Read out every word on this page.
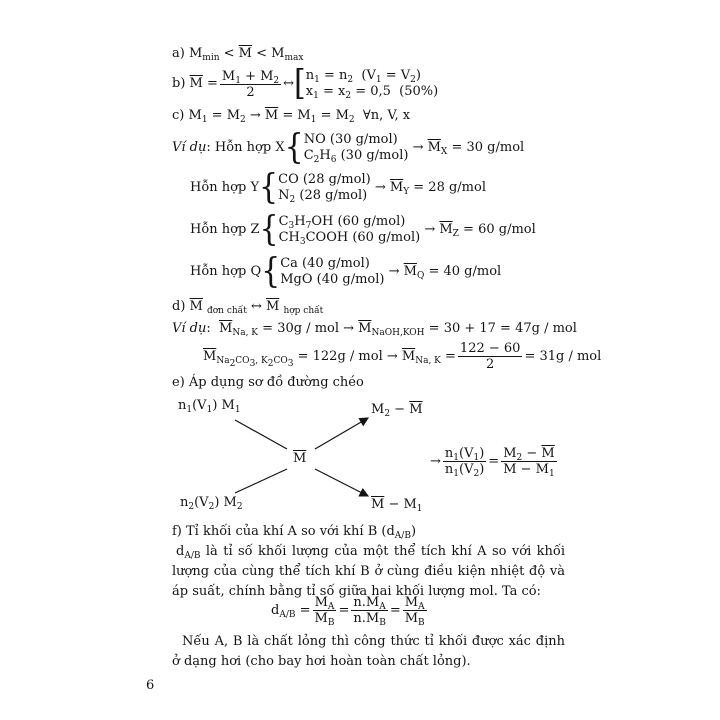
a) $M_{min} < \overline{M} < M_{max}$
b)
$\overline{M} = \frac{M_1 + M_2}{2}$ ↔ [ $n_1 = n_2$  $(V_1 = V_2)$
$x_1 = x_2 = 0,5$  (50%)
c) $M_1 = M_2 \to \overline{M} = M_1 = M_2$  ∀n, V, x
Ví dụ : Hỗn hợp X { NO (30 g/mol)
$C_2H_6$ (30 g/mol)

→ $\overline{M}_X = 30$ g/mol
Hỗn hợp Y { CO (28 g/mol)
$N_2$ (28 g/mol)

→ $\overline{M}_Y = 28$ g/mol
Hỗn hợp Z { $C_3H_7OH$ (60 g/mol)
$CH_3COOH$ (60 g/mol)

→ $\overline{M}_Z = 60$ g/mol
Hỗn hợp Q { Ca (40 g/mol)
MgO (40 g/mol)

→ $\overline{M}_Q = 40$ g/mol
d) $\overline{M}$ $_{đơn chất}$ ↔ $\overline{M}$ $_{hợp chất}$
Ví dụ:  $\overline{M}_{Na, K} = 30g$ / mol → $\overline{M}_{NaOH,KOH} = 30 + 17 = 47g$ / mol
$\overline{M}_{Na_2CO_3, K_2CO_3} = 122g$ / mol → $\overline{M}_{Na, K} = \frac{122 - 60}{2} = 31g$ / mol
e) Áp dụng sơ đồ đường chéo
$n_1(V_1)$ $M_1$
$n_2(V_2)$ $M_2$
$\overline{M}$
$M_2 - \overline{M}$
$\overline{M} - M_1$
→ $\frac{n_1(V_1)}{n_1(V_2)} = \frac{M_2 - \overline{M}}{\overline{M} - M_1}$
f) Tỉ khối của khí A so với khí B $(d_{A/B})$
$d_{A/B}$ là tỉ số khối lượng của một thể tích khí A so với khối lượng của cùng thể tích khí B ở cùng điều kiện nhiệt độ và áp suất, chính bằng tỉ số giữa hai khối lượng mol. Ta có:
$d_{A/B} = \frac{M_A}{M_B} = \frac{n.M_A}{n.M_B} = \frac{M_A}{M_B}$
Nếu A, B là chất lỏng thì công thức tỉ khối được xác định ở dạng hơi (cho bay hơi hoàn toàn chất lỏng).
6
